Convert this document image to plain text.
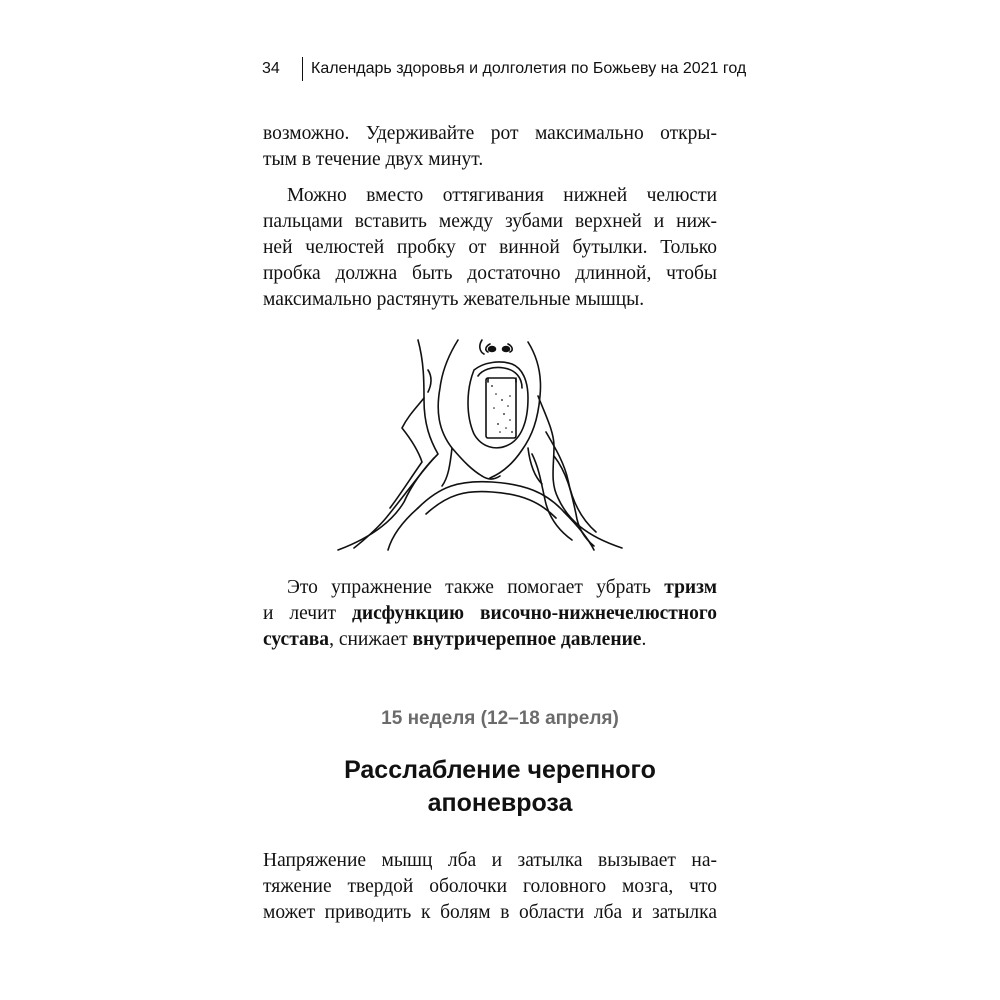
34	Календарь здоровья и долголетия по Божьеву на 2021 год
возможно. Удерживайте рот максимально откры-
тым в течение двух минут.
Можно вместо оттягивания нижней челюсти
пальцами вставить между зубами верхней и ниж-
ней челюстей пробку от винной бутылки. Только
пробка должна быть достаточно длинной, чтобы
максимально растянуть жевательные мышцы.
Это упражнение также помогает убрать тризм
и лечит дисфункцию височно-нижнечелюстного
сустава, снижает внутричерепное давление.
15 неделя (12–18 апреля)
Расслабление черепного
апоневроза
Напряжение мышц лба и затылка вызывает на-
тяжение твердой оболочки головного мозга, что
может приводить к болям в области лба и затылка
